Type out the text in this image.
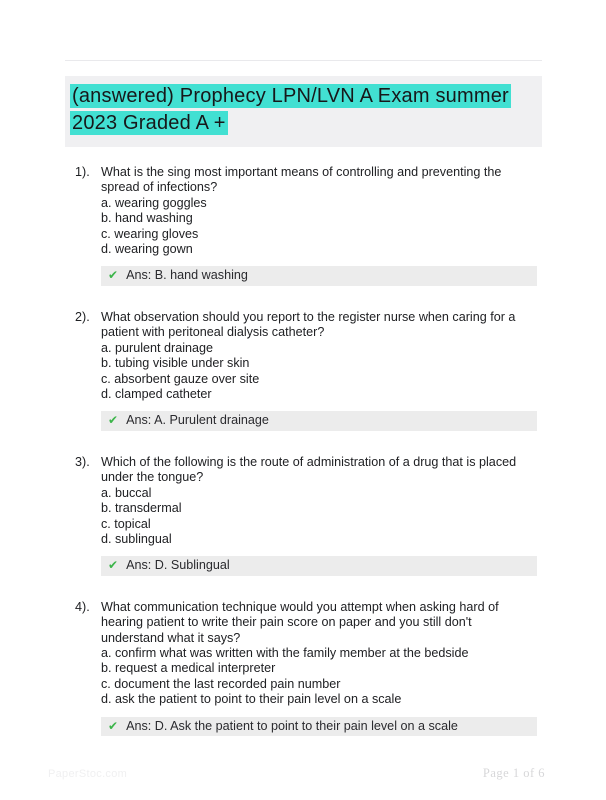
(answered) Prophecy LPN/LVN A Exam summer 2023 Graded A +
1). What is the sing most important means of controlling and preventing the spread of infections?
a. wearing goggles
b. hand washing
c. wearing gloves
d. wearing gown
✔ Ans: B. hand washing
2). What observation should you report to the register nurse when caring for a patient with peritoneal dialysis catheter?
a. purulent drainage
b. tubing visible under skin
c. absorbent gauze over site
d. clamped catheter
✔ Ans: A. Purulent drainage
3). Which of the following is the route of administration of a drug that is placed under the tongue?
a. buccal
b. transdermal
c. topical
d. sublingual
✔ Ans: D. Sublingual
4). What communication technique would you attempt when asking hard of hearing patient to write their pain score on paper and you still don't understand what it says?
a. confirm what was written with the family member at the bedside
b. request a medical interpreter
c. document the last recorded pain number
d. ask the patient to point to their pain level on a scale
✔ Ans: D. Ask the patient to point to their pain level on a scale
PaperStoc.com	Page 1 of 6
